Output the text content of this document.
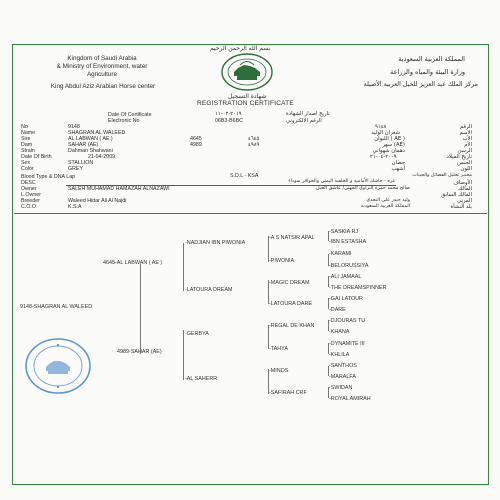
بسم الله الرحمن الرحيم
Kingdom of Saudi Arabia
& Ministry of Environment, water
Agriculture
King Abdul Aziz Arabian Horse center
المملكة العربية السعودية
وزارة البيئة والمياه والزراعة
مركز الملك عبد العزيز للخيل العربية الأصيلة
شهادة التسجيل
REGISTRATION CERTIFICATE
Date Of Certificate	٢٠١٩-٠٢-١١	تاريخ اصدار الشهادة
Electronic No	06B3-B6BC	الرقم الالكتروني
No	9148	٩١٤٨	الرقم
Name	SHAGRAN AL WALEED	شغران الوليد	الاسم
Sire	AL LABWAN ( AE )	4645	٤٦٤٥	( AE ) اللبوان	الأب
Dam	SAHAR (AE)	4989	٤٩٨٩	(AE) سهر	الأم
Strain	Dahman Shahwani	دهمان شهواني	الرسن
Date Of Birth	21-04-2009	٢٠٠٩-٠٤-٢١	تاريخ الميلاد
Sex	STALLION	حصان	الجنس
Color	GREY	أشهب	اللون
Blood Type & DNA Lap	S.D.L - KSA	مختبر تحليل الفصائل والجينات
DESC	غرة - حاشك الأمامية و الخلفية اليمنى والحوافر سوداء	الأوصاف
Owner	SALEH MUHAMAD HAMAZAH ALNAZAWI	صالح محمد حمزه النزاوي الجهني/ عاشق الخيل	المالك
L.Owner	المالك السابق
Breeder	Waleed Hidar Ali Al Najdi	وليد حيدر علي النجدي	المربي
C.O.O	K.S.A	المملكة العربية السعودية	بلد النشأة
9148-SHAGRAN AL WALEED
4645-AL LABWAN ( AE )
4989-SAHAR (AE)
-NADJIAN IBN PIWONIA
-LATOURA DREAM
-GERBYA
-AL SAHERR
-A S NATSIR APAL
-PIWONIA
-MAGIC DREAM
-LATOURA DARE
-REGAL DE KHAN
-TAHYA
-MINOS
-SAFIRAH CRF
-SASKIA RJ
-IBN ESTASHA
-KARAMI
-BELORUSSIYA
-ALI JAMAAL
-THE DREAMSPINNER
-GAI LATOUR
-DARE
-DJOURAS TU
-KHANA
-DYNAMITE III
-KHLILA
-SANTHOS
-MARALFA
-SWIDAN
-ROYAL AMIRAH
